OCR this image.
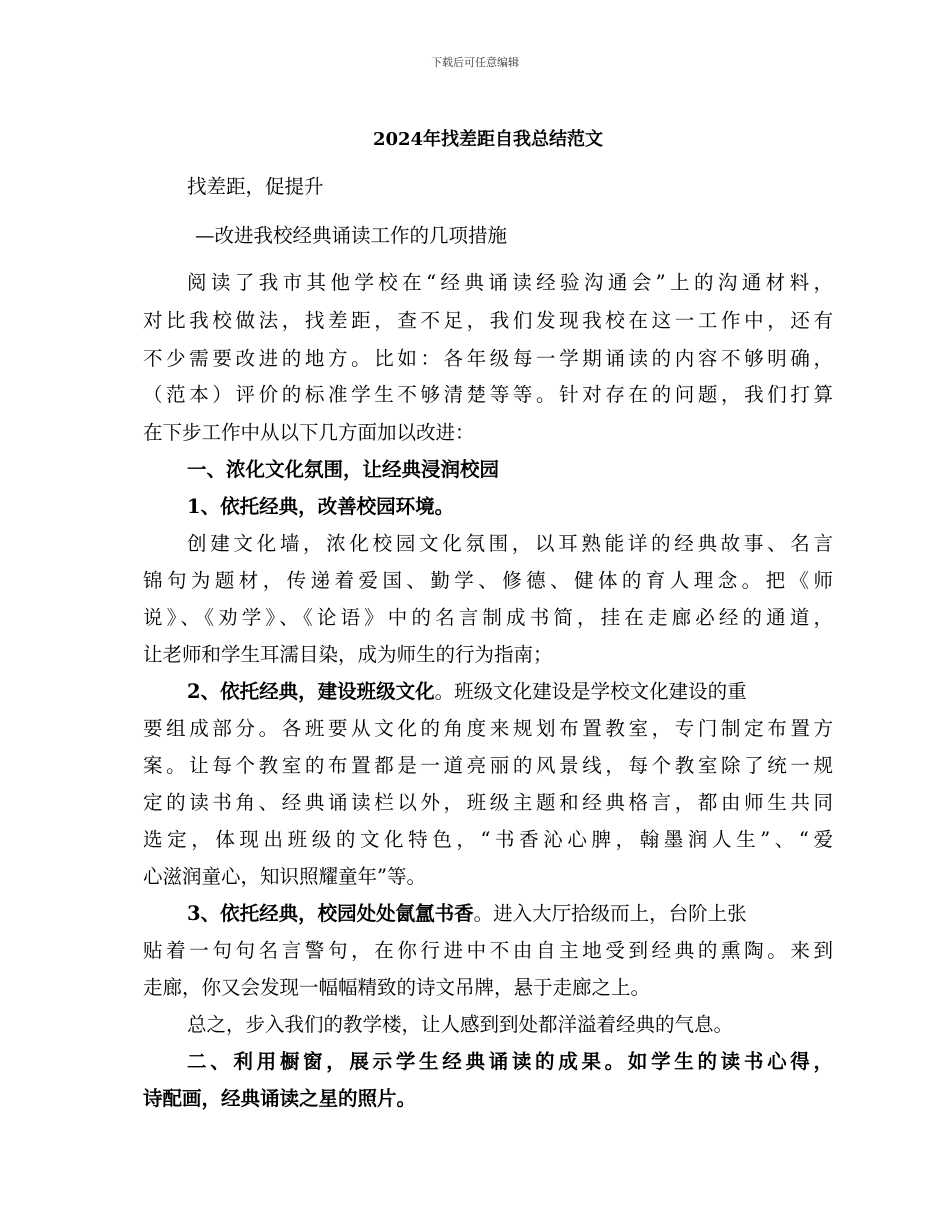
下载后可任意编辑
2024年找差距自我总结范文
找差距，促提升
—改进我校经典诵读工作的几项措施
阅读了我市其他学校在“经典诵读经验沟通会”上的沟通材料，
对比我校做法，找差距，查不足，我们发现我校在这一工作中，还有
不少需要改进的地方。比如：各年级每一学期诵读的内容不够明确，
（范本）评价的标准学生不够清楚等等。针对存在的问题，我们打算
在下步工作中从以下几方面加以改进：
一、浓化文化氛围，让经典浸润校园
1、依托经典，改善校园环境。
创建文化墙，浓化校园文化氛围，以耳熟能详的经典故事、名言
锦句为题材，传递着爱国、勤学、修德、健体的育人理念。把《师
说》、《劝学》、《论语》中的名言制成书简，挂在走廊必经的通道，
让老师和学生耳濡目染，成为师生的行为指南；
2、依托经典，建设班级文化。班级文化建设是学校文化建设的重
要组成部分。各班要从文化的角度来规划布置教室，专门制定布置方
案。让每个教室的布置都是一道亮丽的风景线，每个教室除了统一规
定的读书角、经典诵读栏以外，班级主题和经典格言，都由师生共同
选定，体现出班级的文化特色，“书香沁心脾，翰墨润人生”、“爱
心滋润童心，知识照耀童年”等。
3、依托经典，校园处处氤氲书香。进入大厅拾级而上，台阶上张
贴着一句句名言警句，在你行进中不由自主地受到经典的熏陶。来到
走廊，你又会发现一幅幅精致的诗文吊牌，悬于走廊之上。
总之，步入我们的教学楼，让人感到到处都洋溢着经典的气息。
二、利用橱窗，展示学生经典诵读的成果。如学生的读书心得，
诗配画，经典诵读之星的照片。
